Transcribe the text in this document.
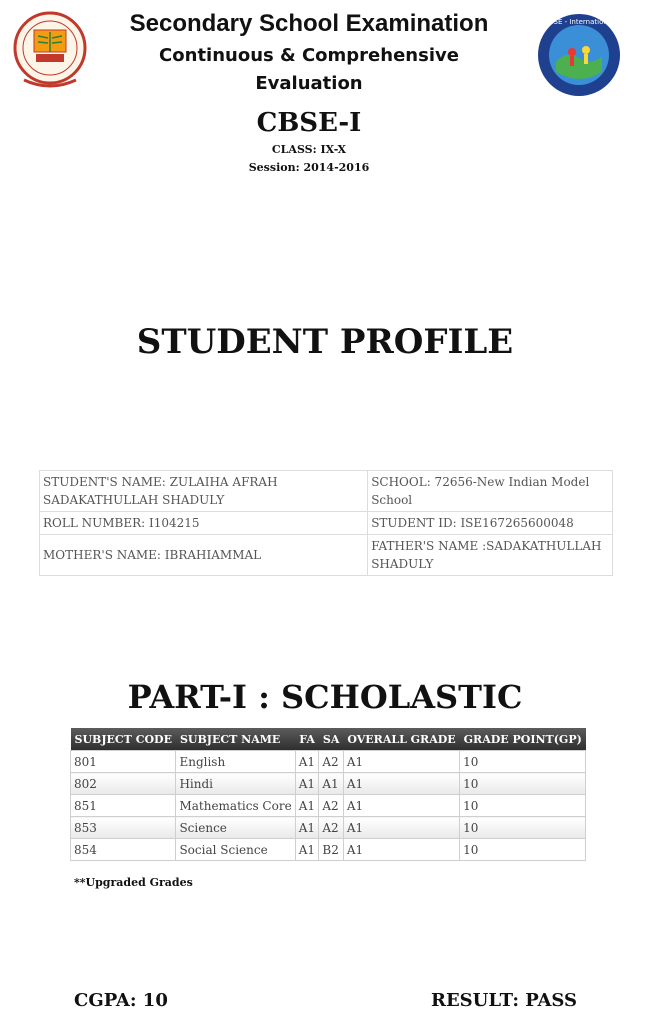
CBSE - International
Secondary School Examination
Continuous & Comprehensive
Evaluation
CBSE-I
CLASS: IX-X
Session: 2014-2016
STUDENT PROFILE
STUDENT'S NAME: ZULAIHA AFRAH SADAKATHULLAH SHADULY	SCHOOL: 72656-New Indian Model School
ROLL NUMBER: I104215	STUDENT ID: ISE167265600048
MOTHER'S NAME: IBRAHIAMMAL	FATHER'S NAME :SADAKATHULLAH SHADULY
PART-I : SCHOLASTIC
SUBJECT CODE	SUBJECT NAME	FA	SA	OVERALL GRADE	GRADE POINT(GP)
801	English	A1	A2	A1	10
802	Hindi	A1	A1	A1	10
851	Mathematics Core	A1	A2	A1	10
853	Science	A1	A2	A1	10
854	Social Science	A1	B2	A1	10
**Upgraded Grades
CGPA: 10	RESULT: PASS
